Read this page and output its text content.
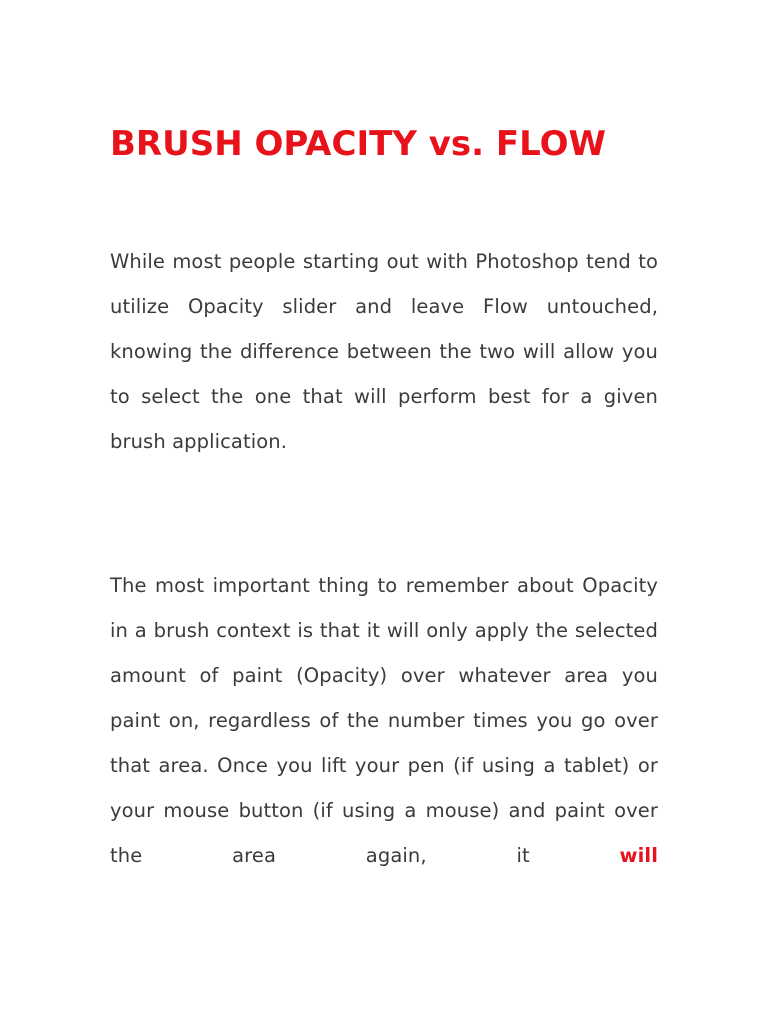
BRUSH OPACITY vs. FLOW

While most people starting out with Photoshop tend to utilize Opacity slider and leave Flow untouched, knowing the difference between the two will allow you to select the one that will perform best for a given brush application.

The most important thing to remember about Opacity in a brush context is that it will only apply the selected amount of paint (Opacity) over whatever area you paint on, regardless of the number times you go over that area. Once you lift your pen (if using a tablet) or your mouse button (if using a mouse) and paint over the area again, it	will
